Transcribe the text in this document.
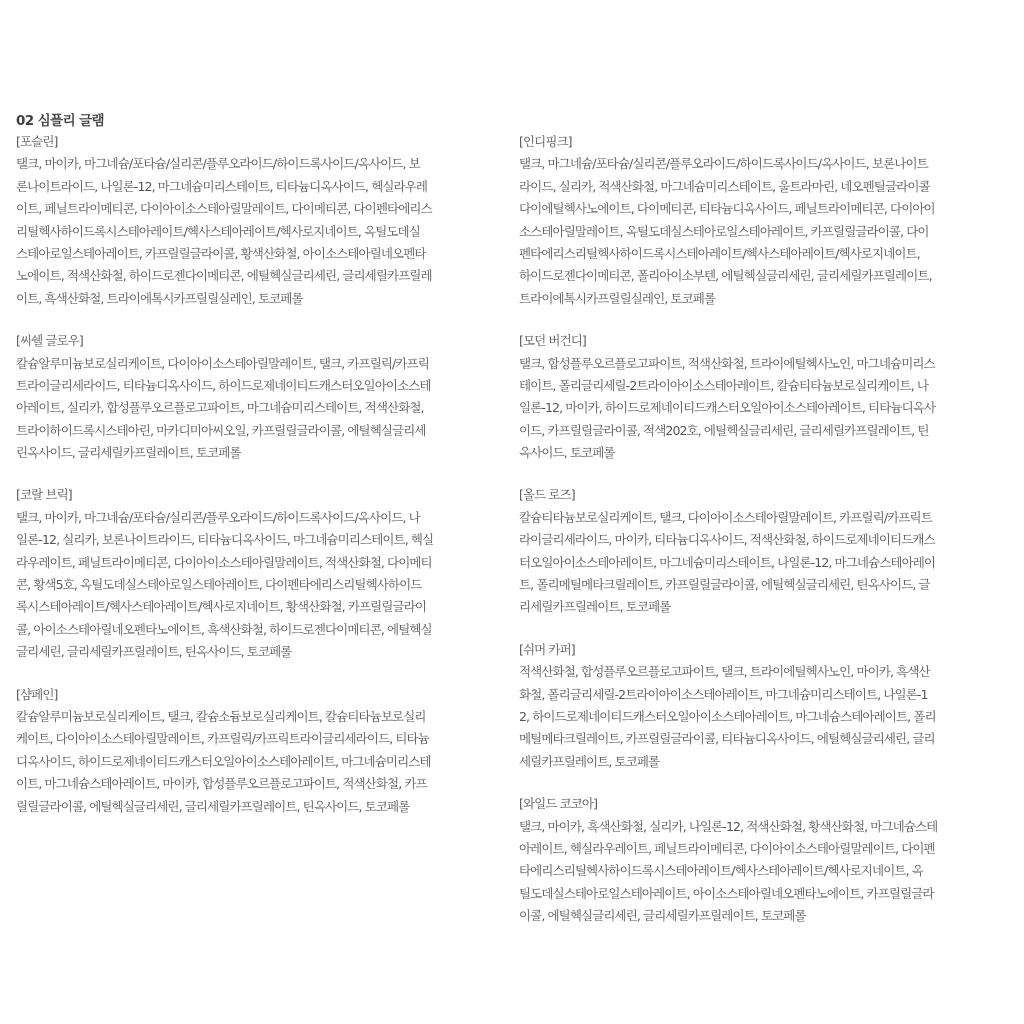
02 심플리 글램
[포슬린]
탤크, 마이카, 마그네슘/포타슘/실리콘/플루오라이드/하이드록사이드/옥사이드, 보
론나이트라이드, 나일론-12, 마그네슘미리스테이트, 티타늄디옥사이드, 헥실라우레
이트, 페닐트라이메티콘, 다이아이소스테아릴말레이트, 다이메티콘, 다이펜타에리스
리틸헥사하이드록시스테아레이트/헥사스테아레이트/헥사로지네이트, 옥틸도데실
스테아로일스테아레이트, 카프릴릴글라이콜, 황색산화철, 아이소스테아릴네오펜타
노에이트, 적색산화철, 하이드로젠다이메티콘, 에틸헥실글리세린, 글리세릴카프릴레
이트, 흑색산화철, 트라이에톡시카프릴릴실레인, 토코페롤
[씨쉘 글로우]
칼슘알루미늄보로실리케이트, 다이아이소스테아릴말레이트, 탤크, 카프릴릭/카프릭
트라이글리세라이드, 티타늄디옥사이드, 하이드로제네이티드캐스터오일아이소스테
아레이트, 실리카, 합성플루오르플로고파이트, 마그네슘미리스테이트, 적색산화철,
트라이하이드록시스테아린, 마카디미아씨오일, 카프릴릴글라이콜, 에틸헥실글리세
린옥사이드, 글리세릴카프릴레이트, 토코페롤
[코랄 브릭]
탤크, 마이카, 마그네슘/포타슘/실리콘/플루오라이드/하이드록사이드/옥사이드, 나
일론-12, 실리카, 보론나이트라이드, 티타늄디옥사이드, 마그네슘미리스테이트, 헥실
라우레이트, 페닐트라이메티콘, 다이아이소스테아릴말레이트, 적색산화철, 다이메티
콘, 황색5호, 옥틸도데실스테아로일스테아레이트, 다이펜타에리스리틸헥사하이드
록시스테아레이트/헥사스테아레이트/헥사로지네이트, 황색산화철, 카프릴릴글라이
콜, 아이소스테아릴네오펜타노에이트, 흑색산화철, 하이드로젠다이메티콘, 에틸헥실
글리세린, 글리세릴카프릴레이트, 틴옥사이드, 토코페롤
[샴페인]
칼슘알루미늄보로실리케이트, 탤크, 칼슘소듐보로실리케이트, 칼슘티타늄보로실리
케이트, 다이아이소스테아릴말레이트, 카프릴릭/카프릭트라이글리세라이드, 티타늄
디옥사이드, 하이드로제네이티드캐스터오일아이소스테아레이트, 마그네슘미리스테
이트, 마그네슘스테아레이트, 마이카, 합성플루오르플로고파이트, 적색산화철, 카프
릴릴글라이콜, 에틸헥실글리세린, 글리세릴카프릴레이트, 틴옥사이드, 토코페롤
[인디핑크]
탤크, 마그네슘/포타슘/실리콘/플루오라이드/하이드록사이드/옥사이드, 보론나이트
라이드, 실리카, 적색산화철, 마그네슘미리스테이트, 울트라마린, 네오펜틸글라이콜
다이에틸헥사노에이트, 다이메티콘, 티타늄디옥사이드, 페닐트라이메티콘, 다이아이
소스테아릴말레이트, 옥틸도데실스테아로일스테아레이트, 카프릴릴글라이콜, 다이
펜타에리스리틸헥사하이드록시스테아레이트/헥사스테아레이트/헥사로지네이트,
하이드로젠다이메티콘, 폴리아이소부텐, 에틸헥실글리세린, 글리세릴카프릴레이트,
트라이에톡시카프릴릴실레인, 토코페롤
[모던 버건디]
탤크, 합성플루오르플로고파이트, 적색산화철, 트라이에틸헥사노인, 마그네슘미리스
테이트, 폴리글리세릴-2트라이아이소스테아레이트, 칼슘티타늄보로실리케이트, 나
일론-12, 마이카, 하이드로제네이티드캐스터오일아이소스테아레이트, 티타늄디옥사
이드, 카프릴릴글라이콜, 적색202호, 에틸헥실글리세린, 글리세릴카프릴레이트, 틴
옥사이드, 토코페롤
[올드 로즈]
칼슘티타늄보로실리케이트, 탤크, 다이아이소스테아릴말레이트, 카프릴릭/카프릭트
라이글리세라이드, 마이카, 티타늄디옥사이드, 적색산화철, 하이드로제네이티드캐스
터오일아이소스테아레이트, 마그네슘미리스테이트, 나일론-12, 마그네슘스테아레이
트, 폴리메틸메타크릴레이트, 카프릴릴글라이콜, 에틸헥실글리세린, 틴옥사이드, 글
리세릴카프릴레이트, 토코페롤
[쉬머 카퍼]
적색산화철, 합성플루오르플로고파이트, 탤크, 트라이에틸헥사노인, 마이카, 흑색산
화철, 폴리글리세릴-2트라이아이소스테아레이트, 마그네슘미리스테이트, 나일론-1
2, 하이드로제네이티드캐스터오일아이소스테아레이트, 마그네슘스테아레이트, 폴리
메틸메타크릴레이트, 카프릴릴글라이콜, 티타늄디옥사이드, 에틸헥실글리세린, 글리
세릴카프릴레이트, 토코페롤
[와일드 코코아]
탤크, 마이카, 흑색산화철, 실리카, 나일론-12, 적색산화철, 황색산화철, 마그네슘스테
아레이트, 헥실라우레이트, 페닐트라이메티콘, 다이아이소스테아릴말레이트, 다이펜
타에리스리틸헥사하이드록시스테아레이트/헥사스테아레이트/헥사로지네이트, 옥
틸도데실스테아로일스테아레이트, 아이소스테아릴네오펜타노에이트, 카프릴릴글라
이콜, 에틸헥실글리세린, 글리세릴카프릴레이트, 토코페롤
